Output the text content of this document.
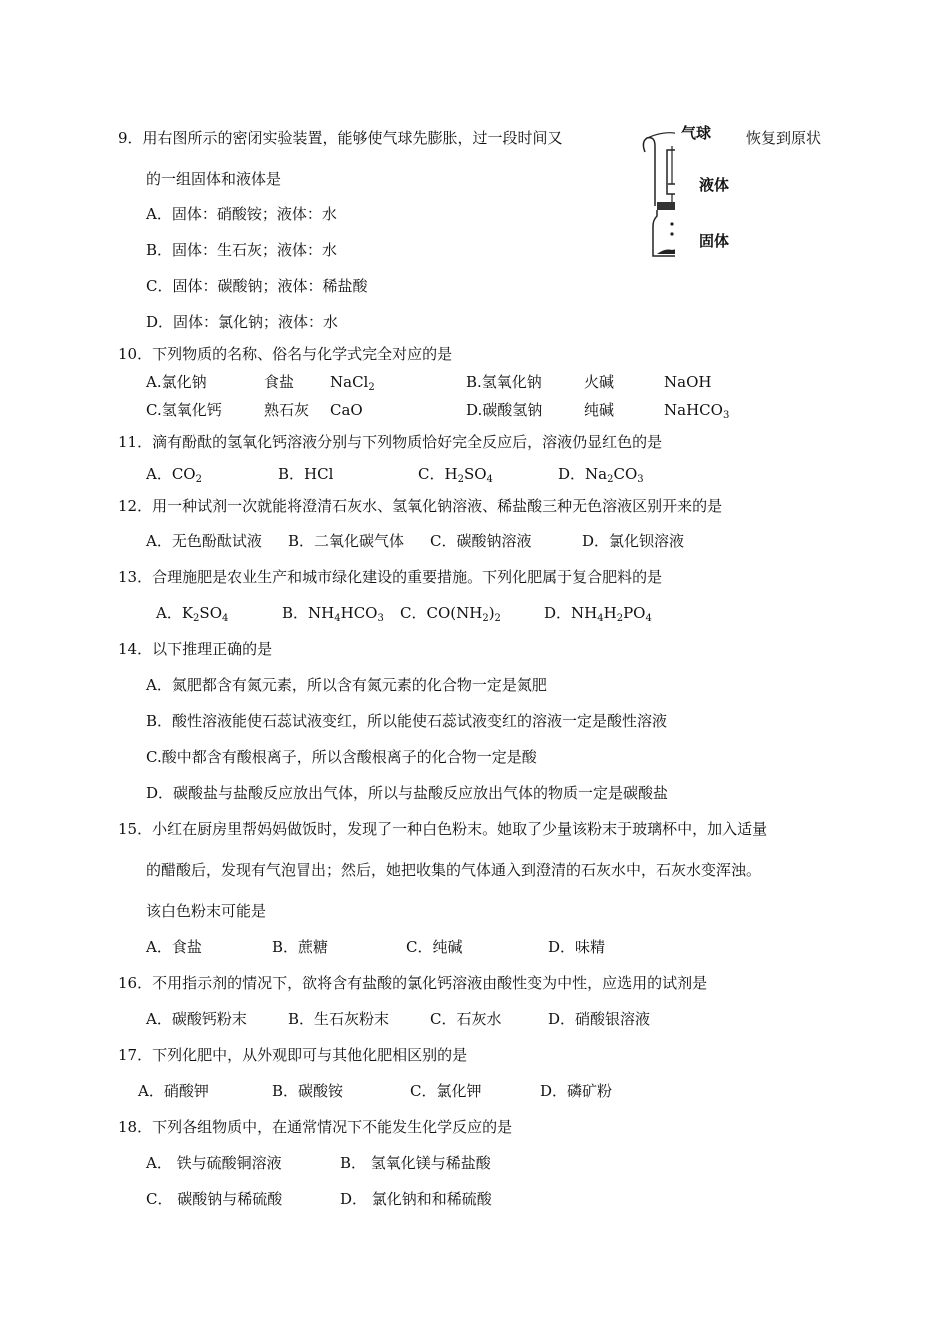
9．用右图所示的密闭实验装置，能够使气球先膨胀，过一段时间又	恢复到原状
的一组固体和液体是
A．固体：硝酸铵；液体：水
B．固体：生石灰；液体：水
C．固体：碳酸钠；液体：稀盐酸
D．固体：氯化钠；液体：水
气球
液体
固体
10．下列物质的名称、俗名与化学式完全对应的是
A.氯化钠	食盐 NaCl$_2$	B.氢氧化钠	火碱	NaOH
C.氢氧化钙	熟石灰 CaO	D.碳酸氢钠	纯碱	NaHCO$_3$
11．滴有酚酞的氢氧化钙溶液分别与下列物质恰好完全反应后，溶液仍显红色的是
A．$CO_2$	B．HCl	C．$H_2SO_4$	D．$Na_2CO_3$
12．用一种试剂一次就能将澄清石灰水、氢氧化钠溶液、稀盐酸三种无色溶液区别开来的是
A．无色酚酞试液 B．二氧化碳气体 C．碳酸钠溶液	D．氯化钡溶液
13．合理施肥是农业生产和城市绿化建设的重要措施。下列化肥属于复合肥料的是
A．$K_2SO_4$	B．$NH_4HCO_3$ C．$CO(NH_2)_2$	D．$NH_4H_2PO_4$
14．以下推理正确的是
A．氮肥都含有氮元素，所以含有氮元素的化合物一定是氮肥
B．酸性溶液能使石蕊试液变红，所以能使石蕊试液变红的溶液一定是酸性溶液
C.酸中都含有酸根离子，所以含酸根离子的化合物一定是酸
D．碳酸盐与盐酸反应放出气体，所以与盐酸反应放出气体的物质一定是碳酸盐
15．小红在厨房里帮妈妈做饭时，发现了一种白色粉末。她取了少量该粉末于玻璃杯中，加入适量
的醋酸后，发现有气泡冒出；然后，她把收集的气体通入到澄清的石灰水中，石灰水变浑浊。
该白色粉末可能是
A．食盐	B．蔗糖	C．纯碱	D．味精
16．不用指示剂的情况下，欲将含有盐酸的氯化钙溶液由酸性变为中性，应选用的试剂是
A．碳酸钙粉末	B．生石灰粉末	C．石灰水	D．硝酸银溶液
17．下列化肥中，从外观即可与其他化肥相区别的是
A．硝酸钾	B．碳酸铵	C．氯化钾	D．磷矿粉
18．下列各组物质中，在通常情况下不能发生化学反应的是
A． 铁与硫酸铜溶液	B． 氢氧化镁与稀盐酸
C． 碳酸钠与稀硫酸	D． 氯化钠和和稀硫酸
